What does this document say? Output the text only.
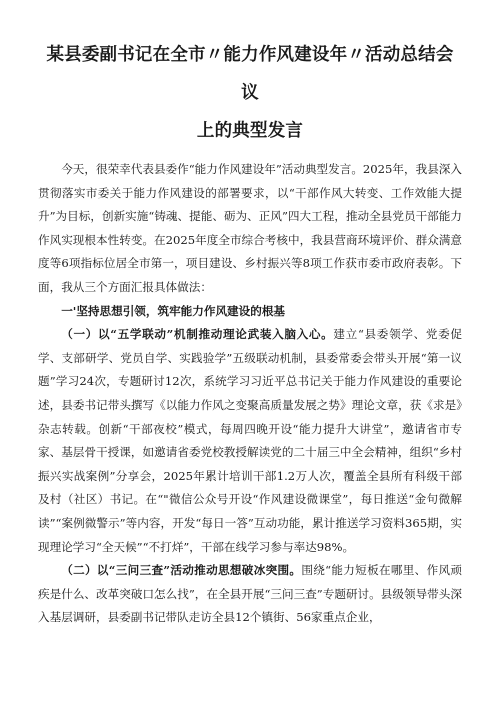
某县委副书记在全市〃能力作风建设年〃活动总结会议
上的典型发言

今天，很荣幸代表县委作“能力作风建设年”活动典型发言。2025年，我县深入贯彻落实市委关于能力作风建设的部署要求，以“干部作风大转变、工作效能大提升”为目标，创新实施“铸魂、提能、砺为、正风”四大工程，推动全县党员干部能力作风实现根本性转变。在2025年度全市综合考核中，我县营商环境评价、群众满意度等6项指标位居全市第一，项目建设、乡村振兴等8项工作获市委市政府表彰。下面，我从三个方面汇报具体做法：

一'坚持思想引领，筑牢能力作风建设的根基

（一）以“五学联动”机制推动理论武装入脑入心。建立“县委领学、党委促学、支部研学、党员自学、实践验学”五级联动机制，县委常委会带头开展“第一议题”学习24次，专题研讨12次，系统学习习近平总书记关于能力作风建设的重要论述，县委书记带头撰写《以能力作风之变聚高质量发展之势》理论文章，获《求是》杂志转载。创新“干部夜校”模式，每周四晚开设“能力提升大讲堂”，邀请省市专家、基层骨干授课，如邀请省委党校教授解读党的二十届三中全会精神，组织“乡村振兴实战案例”分享会，2025年累计培训干部1.2万人次，覆盖全县所有科级干部及村（社区）书记。在“"微信公众号开设“作风建设微课堂”，每日推送“金句微解读”“案例微警示”等内容，开发“每日一答”互动功能，累计推送学习资料365期，实现理论学习“全天候”“不打烊”，干部在线学习参与率达98%。

（二）以“三问三查”活动推动思想破冰突围。围绕“能力短板在哪里、作风顽疾是什么、改革突破口怎么找”，在全县开展“三问三查”专题研讨。县级领导带头深入基层调研，县委副书记带队走访全县12个镇街、56家重点企业，
